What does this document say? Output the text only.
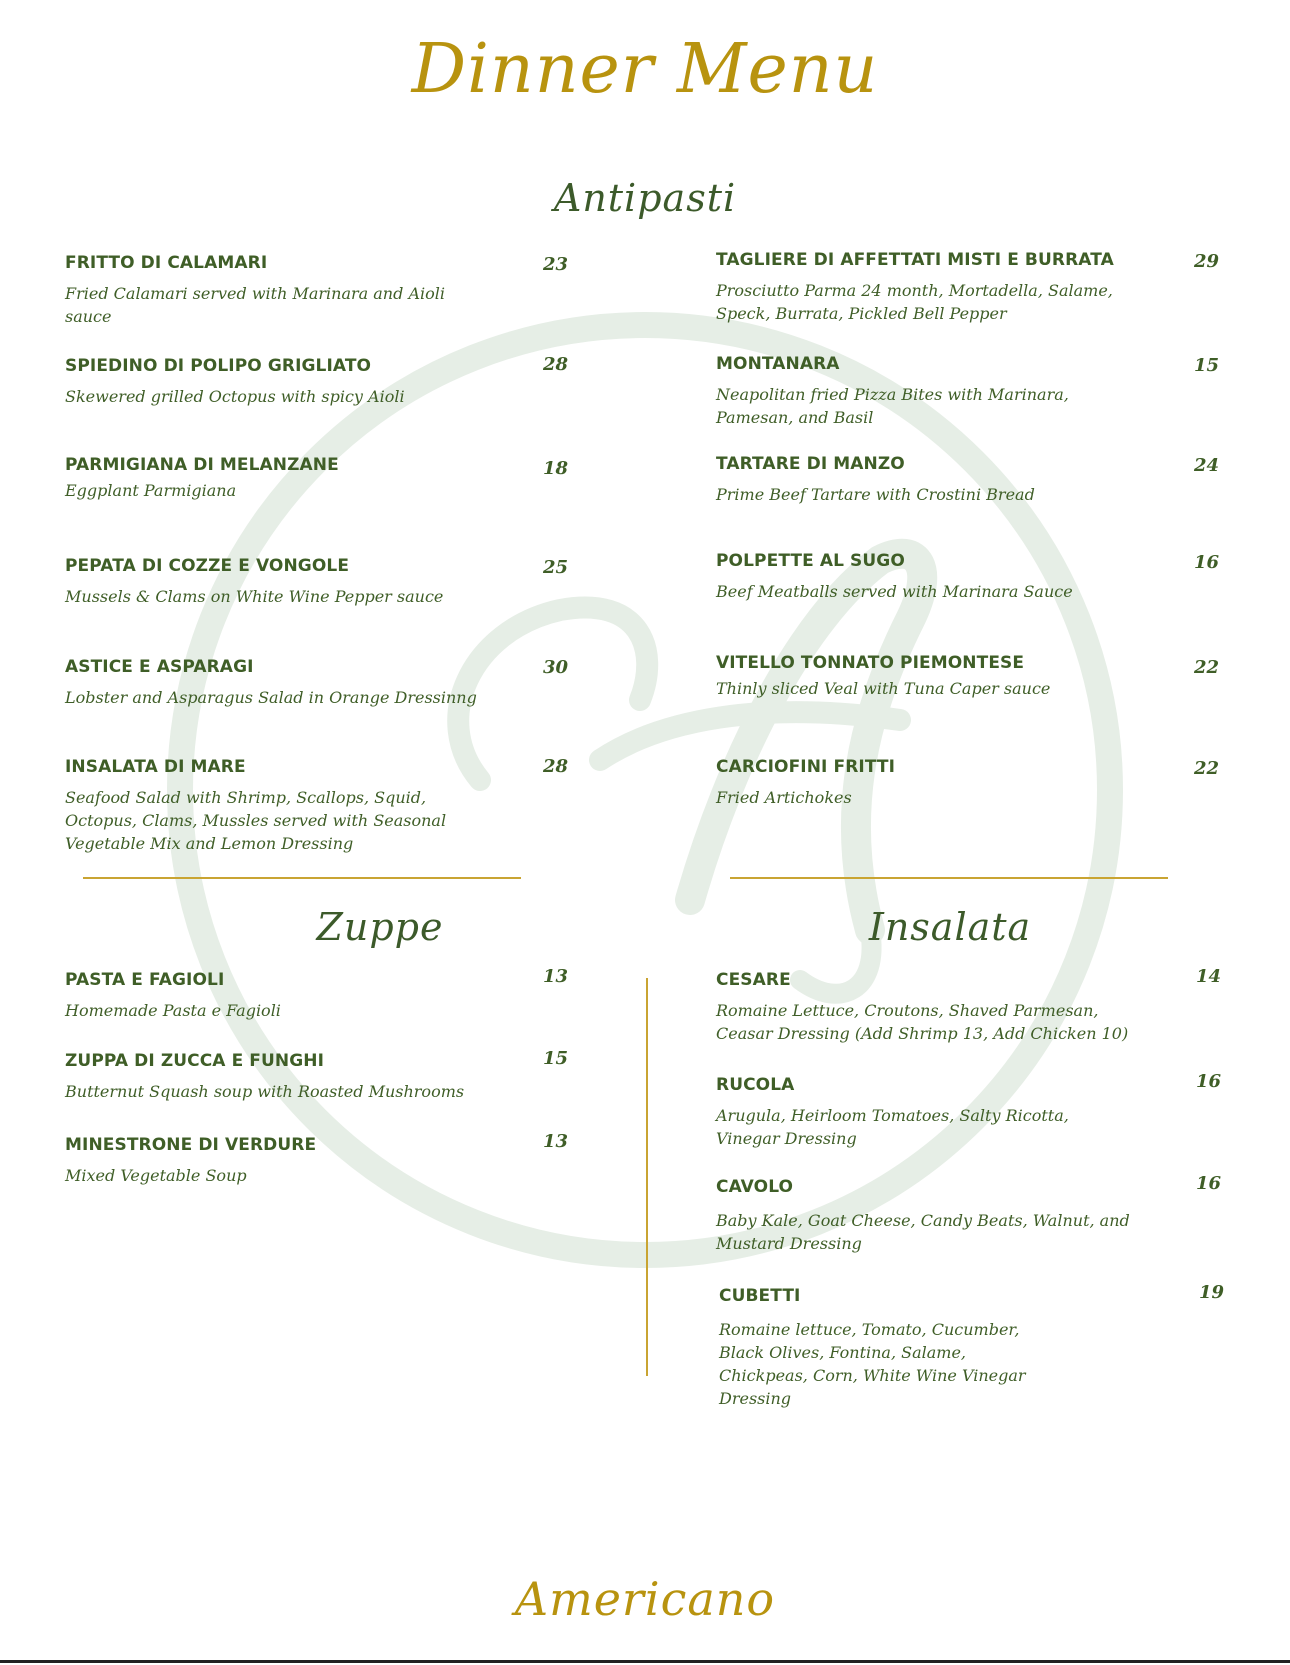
Dinner Menu
Antipasti
FRITTO DI CALAMARI
Fried Calamari served with Marinara and Aioli sauce
23
SPIEDINO DI POLIPO GRIGLIATO
Skewered grilled Octopus with spicy Aioli
28
PARMIGIANA DI MELANZANE
Eggplant Parmigiana
18
PEPATA DI COZZE E VONGOLE
Mussels & Clams on White Wine Pepper sauce
25
ASTICE E ASPARAGI
Lobster and Asparagus Salad in Orange Dressinng
30
INSALATA DI MARE
Seafood Salad with Shrimp, Scallops, Squid, Octopus, Clams, Mussles served with Seasonal Vegetable Mix and Lemon Dressing
28
TAGLIERE DI AFFETTATI MISTI E BURRATA
Prosciutto Parma 24 month, Mortadella, Salame, Speck, Burrata, Pickled Bell Pepper
29
MONTANARA
Neapolitan fried Pizza Bites with Marinara, Pamesan, and Basil
15
TARTARE DI MANZO
Prime Beef Tartare with Crostini Bread
24
POLPETTE AL SUGO
Beef Meatballs served with Marinara Sauce
16
VITELLO TONNATO PIEMONTESE
Thinly sliced Veal with Tuna Caper sauce
22
CARCIOFINI FRITTI
Fried Artichokes
22
Zuppe
PASTA E FAGIOLI
Homemade Pasta e Fagioli
13
ZUPPA DI ZUCCA E FUNGHI
Butternut Squash soup with Roasted Mushrooms
15
MINESTRONE DI VERDURE
Mixed Vegetable Soup
13
Insalata
CESARE
Romaine Lettuce, Croutons, Shaved Parmesan, Ceasar Dressing (Add Shrimp 13, Add Chicken 10)
14
RUCOLA
Arugula, Heirloom Tomatoes, Salty Ricotta, Vinegar Dressing
16
CAVOLO
Baby Kale, Goat Cheese, Candy Beats, Walnut, and Mustard Dressing
16
CUBETTI
Romaine lettuce, Tomato, Cucumber, Black Olives, Fontina, Salame, Chickpeas, Corn, White Wine Vinegar Dressing
19
Americano
